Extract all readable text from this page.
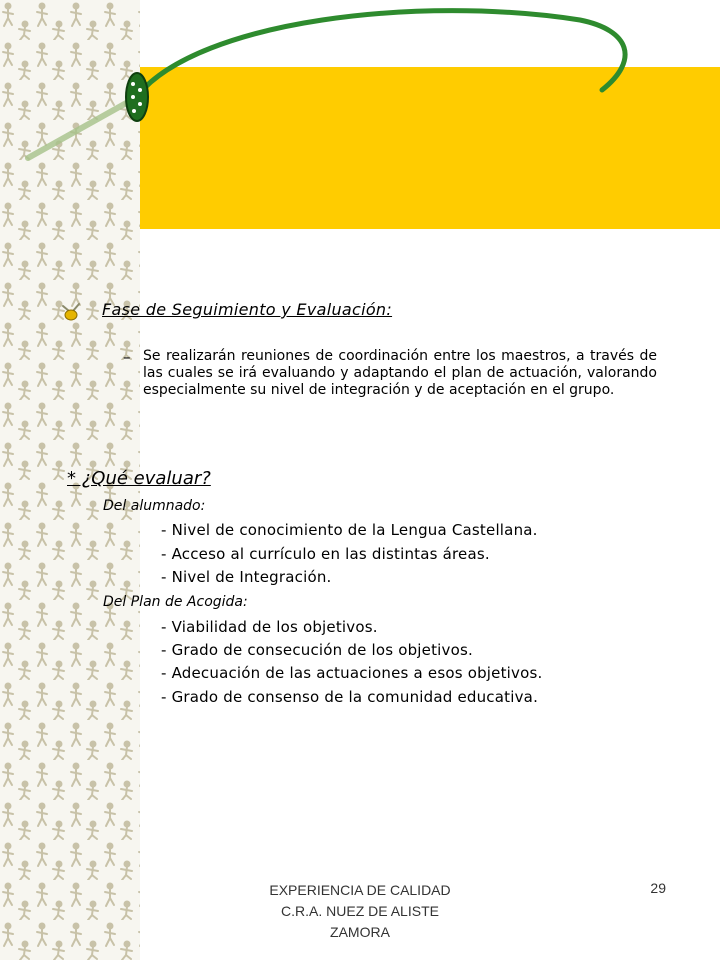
Fase de Seguimiento y Evaluación:
– Se realizarán reuniones de coordinación entre los maestros, a través de las cuales se irá evaluando y adaptando el plan de actuación, valorando especialmente su nivel de integración y de aceptación en el grupo.
* ¿Qué evaluar?
Del alumnado:
- Nivel de conocimiento de la Lengua Castellana.
- Acceso al currículo en las distintas áreas.
- Nivel de Integración.
Del Plan de Acogida:
- Viabilidad de los objetivos.
- Grado de consecución de los objetivos.
- Adecuación de las actuaciones a esos objetivos.
- Grado de consenso de la comunidad educativa.
EXPERIENCIA DE CALIDAD
C.R.A. NUEZ DE ALISTE
ZAMORA
29
